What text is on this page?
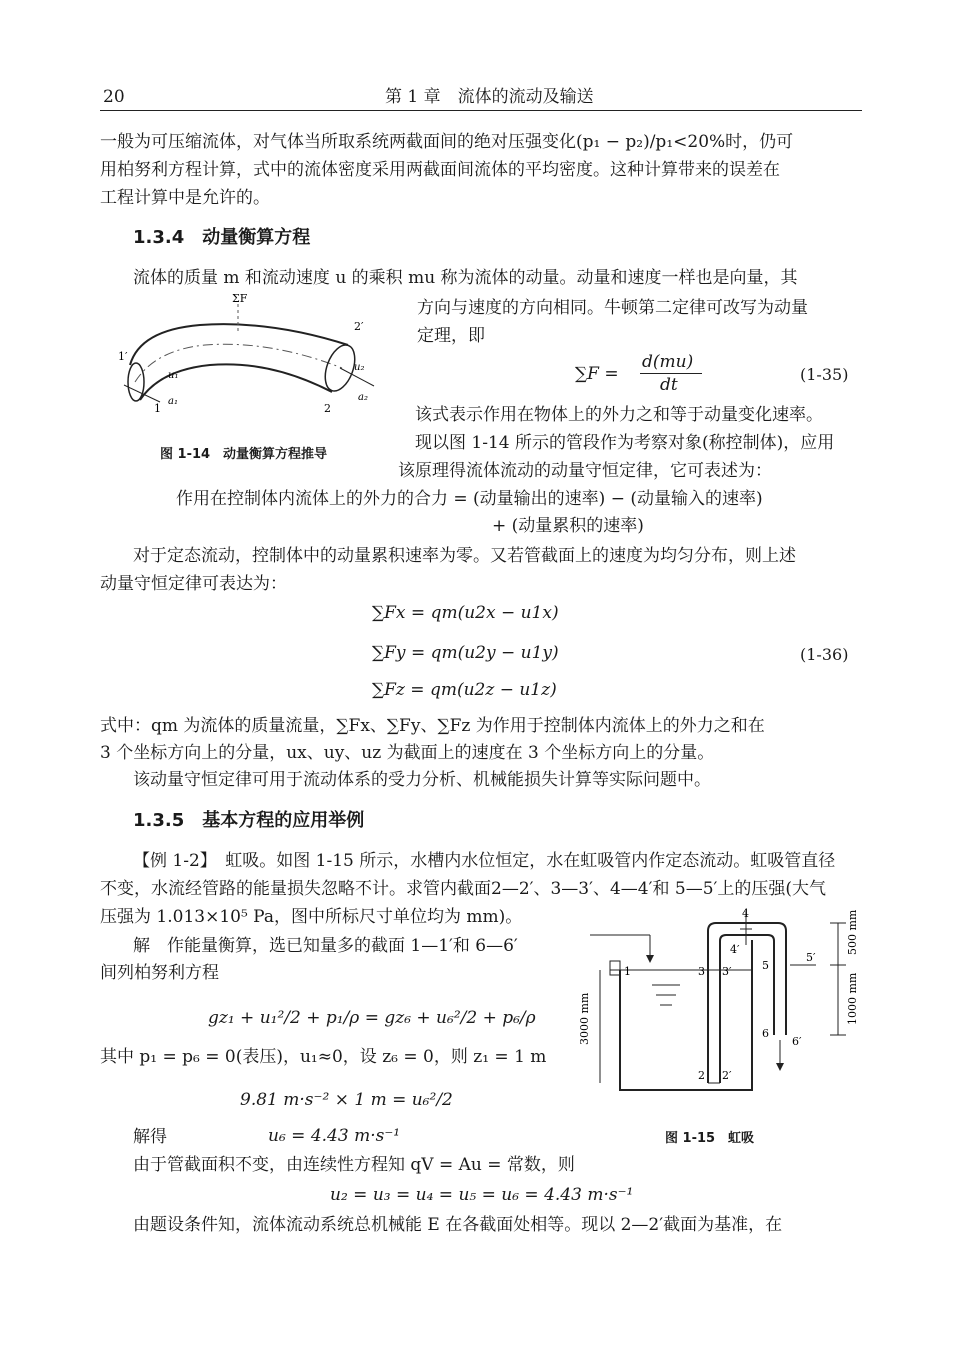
20	第 1 章　流体的流动及输送
一般为可压缩流体，对气体当所取系统两截面间的绝对压强变化(p₁ − p₂)/p₁<20%时，仍可
用柏努利方程计算，式中的流体密度采用两截面间流体的平均密度。这种计算带来的误差在
工程计算中是允许的。
1.3.4　动量衡算方程
流体的质量 m 和流动速度 u 的乘积 mu 称为流体的动量。动量和速度一样也是向量，其
方向与速度的方向相同。牛顿第二定律可改写为动量
定理，即
∑F =
d(mu)
dt
(1-35)
该式表示作用在物体上的外力之和等于动量变化速率。
现以图 1-14 所示的管段作为考察对象(称控制体)，应用
该原理得流体流动的动量守恒定律，它可表述为：
ΣF
1′
1
u₁
a₁
2′
2
u₂
a₂
图 1-14　动量衡算方程推导
作用在控制体内流体上的外力的合力 = (动量输出的速率) − (动量输入的速率)
+ (动量累积的速率)
对于定态流动，控制体中的动量累积速率为零。又若管截面上的速度为均匀分布，则上述
动量守恒定律可表达为：
∑Fx = qm(u2x − u1x)
∑Fy = qm(u2y − u1y)
∑Fz = qm(u2z − u1z)
(1-36)
式中：qm 为流体的质量流量，∑Fx、∑Fy、∑Fz 为作用于控制体内流体上的外力之和在
3 个坐标方向上的分量，ux、uy、uz 为截面上的速度在 3 个坐标方向上的分量。
该动量守恒定律可用于流动体系的受力分析、机械能损失计算等实际问题中。
1.3.5　基本方程的应用举例
【例 1-2】　虹吸。如图 1-15 所示，水槽内水位恒定，水在虹吸管内作定态流动。虹吸管直径
不变，水流经管路的能量损失忽略不计。求管内截面2—2′、3—3′、4—4′和 5—5′上的压强(大气
压强为 1.013×10⁵ Pa，图中所标尺寸单位均为 mm)。
解　作能量衡算，选已知量多的截面 1—1′和 6—6′
间列柏努利方程
gz₁ + u₁²/2 + p₁/ρ = gz₆ + u₆²/2 + p₆/ρ
其中 p₁ = p₆ = 0(表压)，u₁≈0，设 z₆ = 0，则 z₁ = 1 m
9.81 m·s⁻² × 1 m = u₆²/2
解得	u₆ = 4.43 m·s⁻¹
由于管截面积不变，由连续性方程知 qV = Au = 常数，则
u₂ = u₃ = u₄ = u₅ = u₆ = 4.43 m·s⁻¹
由题设条件知，流体流动系统总机械能 E 在各截面处相等。现以 2—2′截面为基准，在
3000 mm
500 mm
1000 mm
1	3 3′
4
4′
5
5′
6
6′
2 2′
图 1-15　虹吸
